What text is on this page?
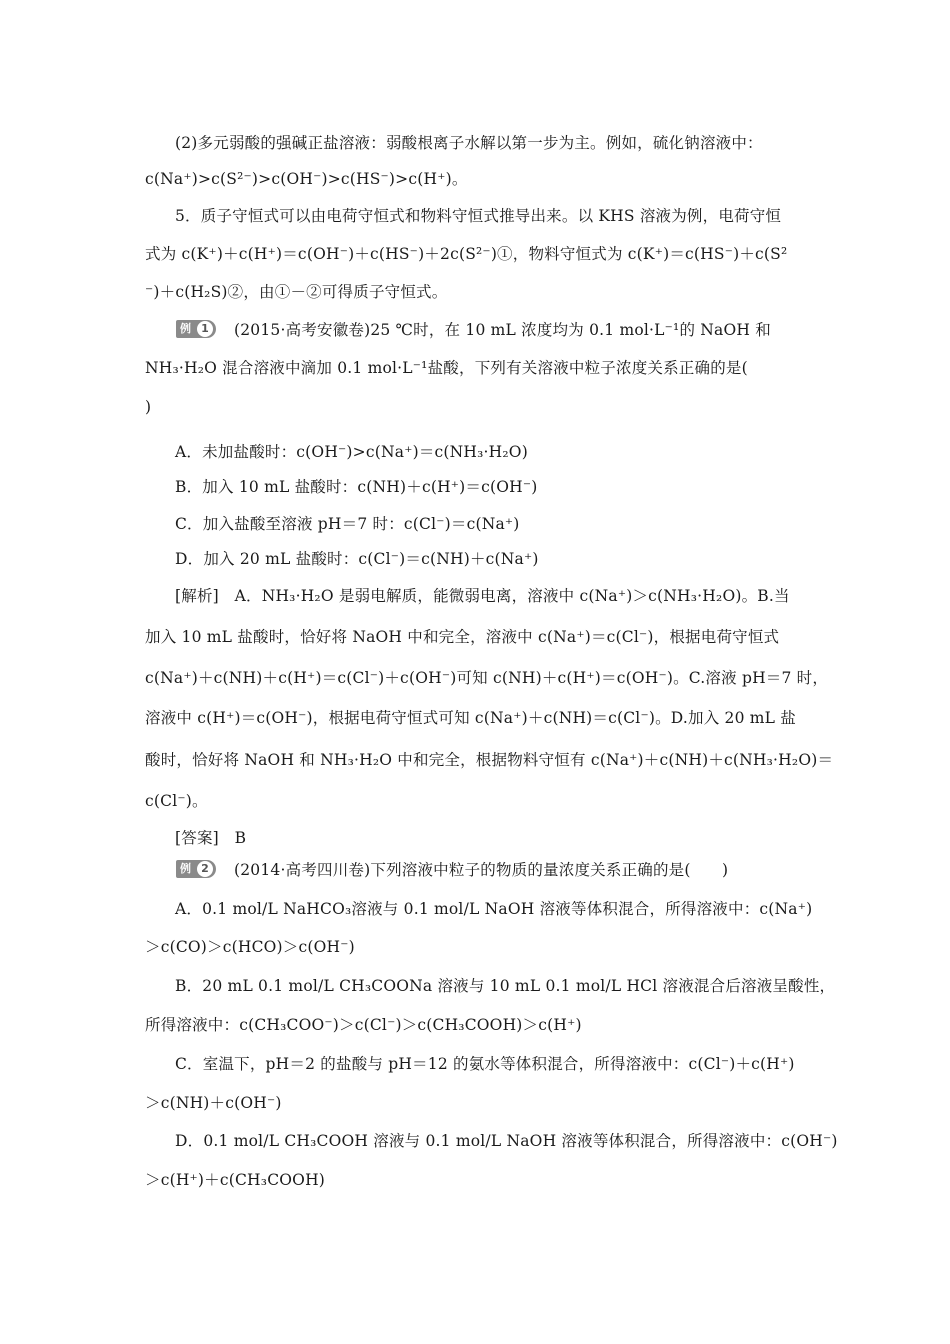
(2)多元弱酸的强碱正盐溶液：弱酸根离子水解以第一步为主。例如，硫化钠溶液中：
c(Na⁺)>c(S²⁻)>c(OH⁻)>c(HS⁻)>c(H⁺)。
5．质子守恒式可以由电荷守恒式和物料守恒式推导出来。以 KHS 溶液为例，电荷守恒
式为 c(K⁺)＋c(H⁺)＝c(OH⁻)＋c(HS⁻)＋2c(S²⁻)①，物料守恒式为 c(K⁺)＝c(HS⁻)＋c(S²
⁻)＋c(H₂S)②，由①－②可得质子守恒式。
例 1 (2015·高考安徽卷)25 ℃时，在 10 mL 浓度均为 0.1 mol·L⁻¹的 NaOH 和
NH₃·H₂O 混合溶液中滴加 0.1 mol·L⁻¹盐酸，下列有关溶液中粒子浓度关系正确的是(
)
A．未加盐酸时：c(OH⁻)>c(Na⁺)＝c(NH₃·H₂O)
B．加入 10 mL 盐酸时：c(NH)＋c(H⁺)＝c(OH⁻)
C．加入盐酸至溶液 pH＝7 时：c(Cl⁻)＝c(Na⁺)
D．加入 20 mL 盐酸时：c(Cl⁻)＝c(NH)＋c(Na⁺)
[解析]　A．NH₃·H₂O 是弱电解质，能微弱电离，溶液中 c(Na⁺)＞c(NH₃·H₂O)。B.当
加入 10 mL 盐酸时，恰好将 NaOH 中和完全，溶液中 c(Na⁺)＝c(Cl⁻)，根据电荷守恒式
c(Na⁺)＋c(NH)＋c(H⁺)＝c(Cl⁻)＋c(OH⁻)可知 c(NH)＋c(H⁺)＝c(OH⁻)。C.溶液 pH＝7 时，
溶液中 c(H⁺)＝c(OH⁻)，根据电荷守恒式可知 c(Na⁺)＋c(NH)＝c(Cl⁻)。D.加入 20 mL 盐
酸时，恰好将 NaOH 和 NH₃·H₂O 中和完全，根据物料守恒有 c(Na⁺)＋c(NH)＋c(NH₃·H₂O)＝
c(Cl⁻)。
[答案]　B
例 2 (2014·高考四川卷)下列溶液中粒子的物质的量浓度关系正确的是(　　)
A．0.1 mol/L NaHCO₃溶液与 0.1 mol/L NaOH 溶液等体积混合，所得溶液中：c(Na⁺)
＞c(CO)＞c(HCO)＞c(OH⁻)
B．20 mL 0.1 mol/L CH₃COONa 溶液与 10 mL 0.1 mol/L HCl 溶液混合后溶液呈酸性，
所得溶液中：c(CH₃COO⁻)＞c(Cl⁻)＞c(CH₃COOH)＞c(H⁺)
C．室温下，pH＝2 的盐酸与 pH＝12 的氨水等体积混合，所得溶液中：c(Cl⁻)＋c(H⁺)
＞c(NH)＋c(OH⁻)
D．0.1 mol/L CH₃COOH 溶液与 0.1 mol/L NaOH 溶液等体积混合，所得溶液中：c(OH⁻)
＞c(H⁺)＋c(CH₃COOH)
